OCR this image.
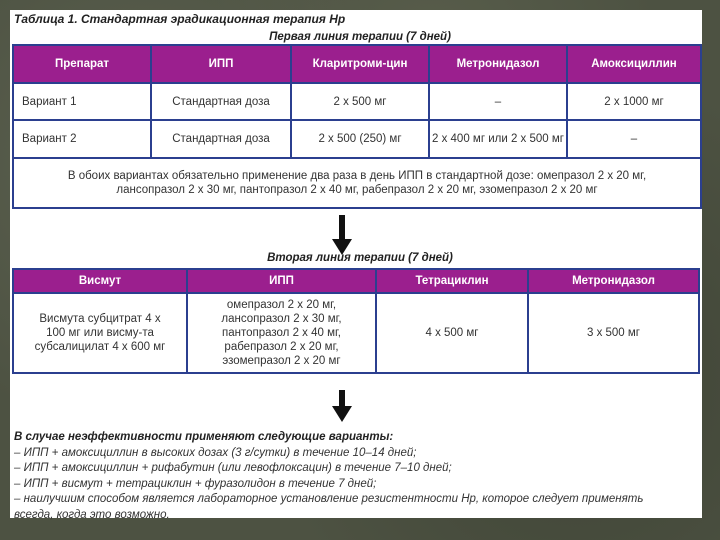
Таблица 1. Стандартная эрадикационная терапия Hp
Первая линия терапии (7 дней)
Препарат	ИПП	Кларитроми-цин	Метронидазол	Амоксициллин
Вариант 1	Стандартная доза	2 х 500 мг	–	2 х 1000 мг
Вариант 2	Стандартная доза	2 х 500 (250) мг	2 х 400 мг или 2 х 500 мг	–
В обоих вариантах обязательно применение два раза в день ИПП в стандартной дозе: омепразол 2 х 20 мг, лансопразол 2 х 30 мг, пантопразол 2 х 40 мг, рабепразол 2 х 20 мг, эзомепразол 2 х 20 мг				
Вторая линия терапии (7 дней)
Висмут	ИПП	Тетрациклин	Метронидазол
Висмута субцитрат 4 х 100 мг или висму-та субсалицилат 4 х 600 мг	омепразол 2 х 20 мг, лансопразол 2 х 30 мг, пантопразол 2 х 40 мг, рабепразол 2 х 20 мг, эзомепразол 2 х 20 мг	4 х 500 мг	3 х 500 мг
В случае неэффективности применяют следующие варианты:
– ИПП + амоксициллин в высоких дозах (3 г/сутки) в течение 10–14 дней;
– ИПП + амоксициллин + рифабутин (или левофлоксацин) в течение 7–10 дней;
– ИПП + висмут + тетрациклин + фуразолидон в течение 7 дней;
– наилучшим способом является лабораторное установление резистентности Hp, которое следует применять всегда, когда это возможно.
